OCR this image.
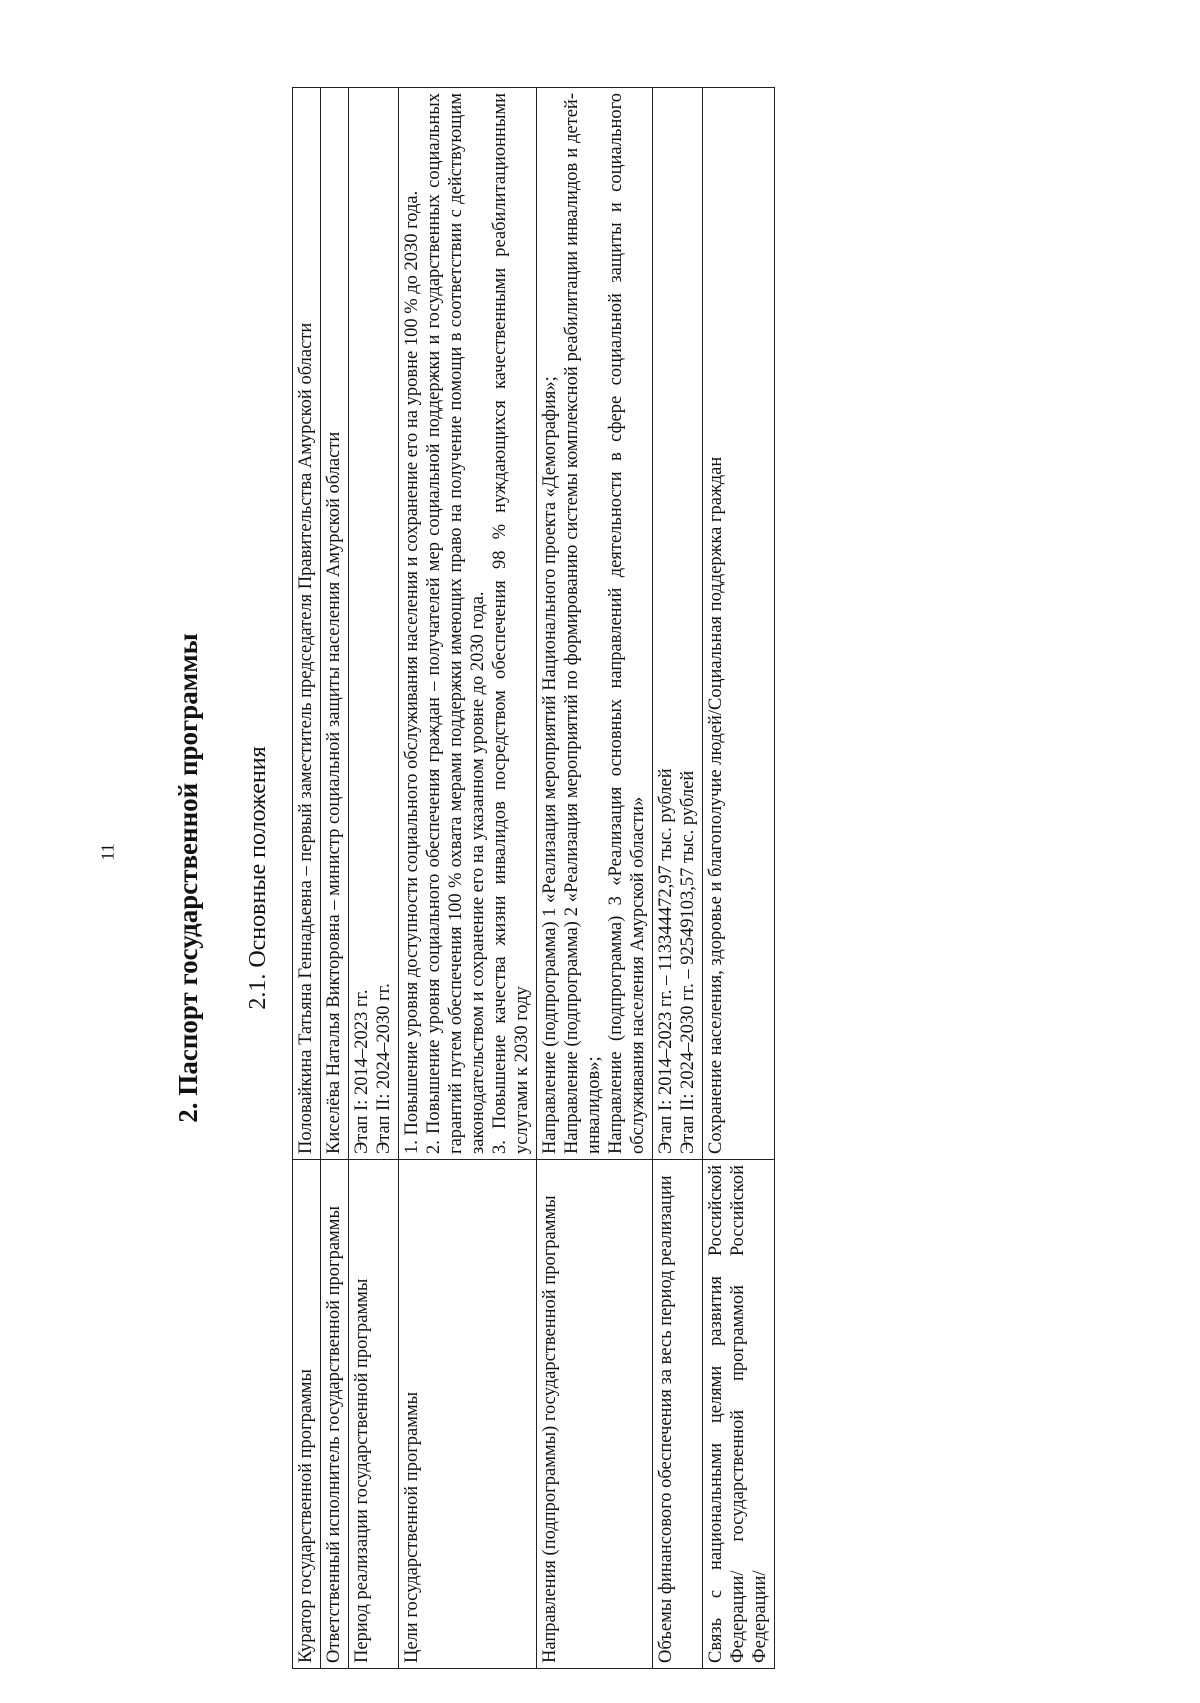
11 2. Паспорт государственной программы 2.1. Основные положения
Куратор государственной программы	Половайкина Татьяна Геннадьевна – первый заместитель председателя Правительства Амурской области

Ответственный исполнитель государственной программы	Киселёва Наталья Викторовна – министр социальной защиты населения Амурской области

Период реализации государственной программы	Этап I: 2014–2023 гг. Этап II: 2024–2030 гг.

Цели государственной программы	1. Повышение уровня доступности социального обслуживания населения и сохранение его на уровне 100 % до 2030 года. 2. Повышение уровня социального обеспечения граждан – получателей мер социальной поддержки и государственных социальных гарантий путем обеспечения 100 % охвата мерами поддержки имеющих право на получение помощи в соответствии с действующим законодательством и сохранение его на указанном уровне до 2030 года. 3. Повышение качества жизни инвалидов посредством обеспечения 98 % нуждающихся качественными реабилитационными услугами к 2030 году

Направления (подпрограммы) государственной программы	Направление (подпрограмма) 1 «Реализация мероприятий Национального проекта «Демография»; Направление (подпрограмма) 2 «Реализация мероприятий по формированию системы комплексной реабилитации инвалидов и детей-инвалидов»; Направление (подпрограмма) 3 «Реализация основных направлений деятельности в сфере социальной защиты и социального обслуживания населения Амурской области»

Объемы финансового обеспечения за весь период реализации	Этап I: 2014–2023 гг. – 113344472,97 тыс. рублей Этап II: 2024–2030 гг. – 92549103,57 тыс. рублей

Связь с национальными целями развития Российской Федерации/ государственной программой Российской Федерации/	Сохранение населения, здоровье и благополучие людей/Социальная поддержка граждан
